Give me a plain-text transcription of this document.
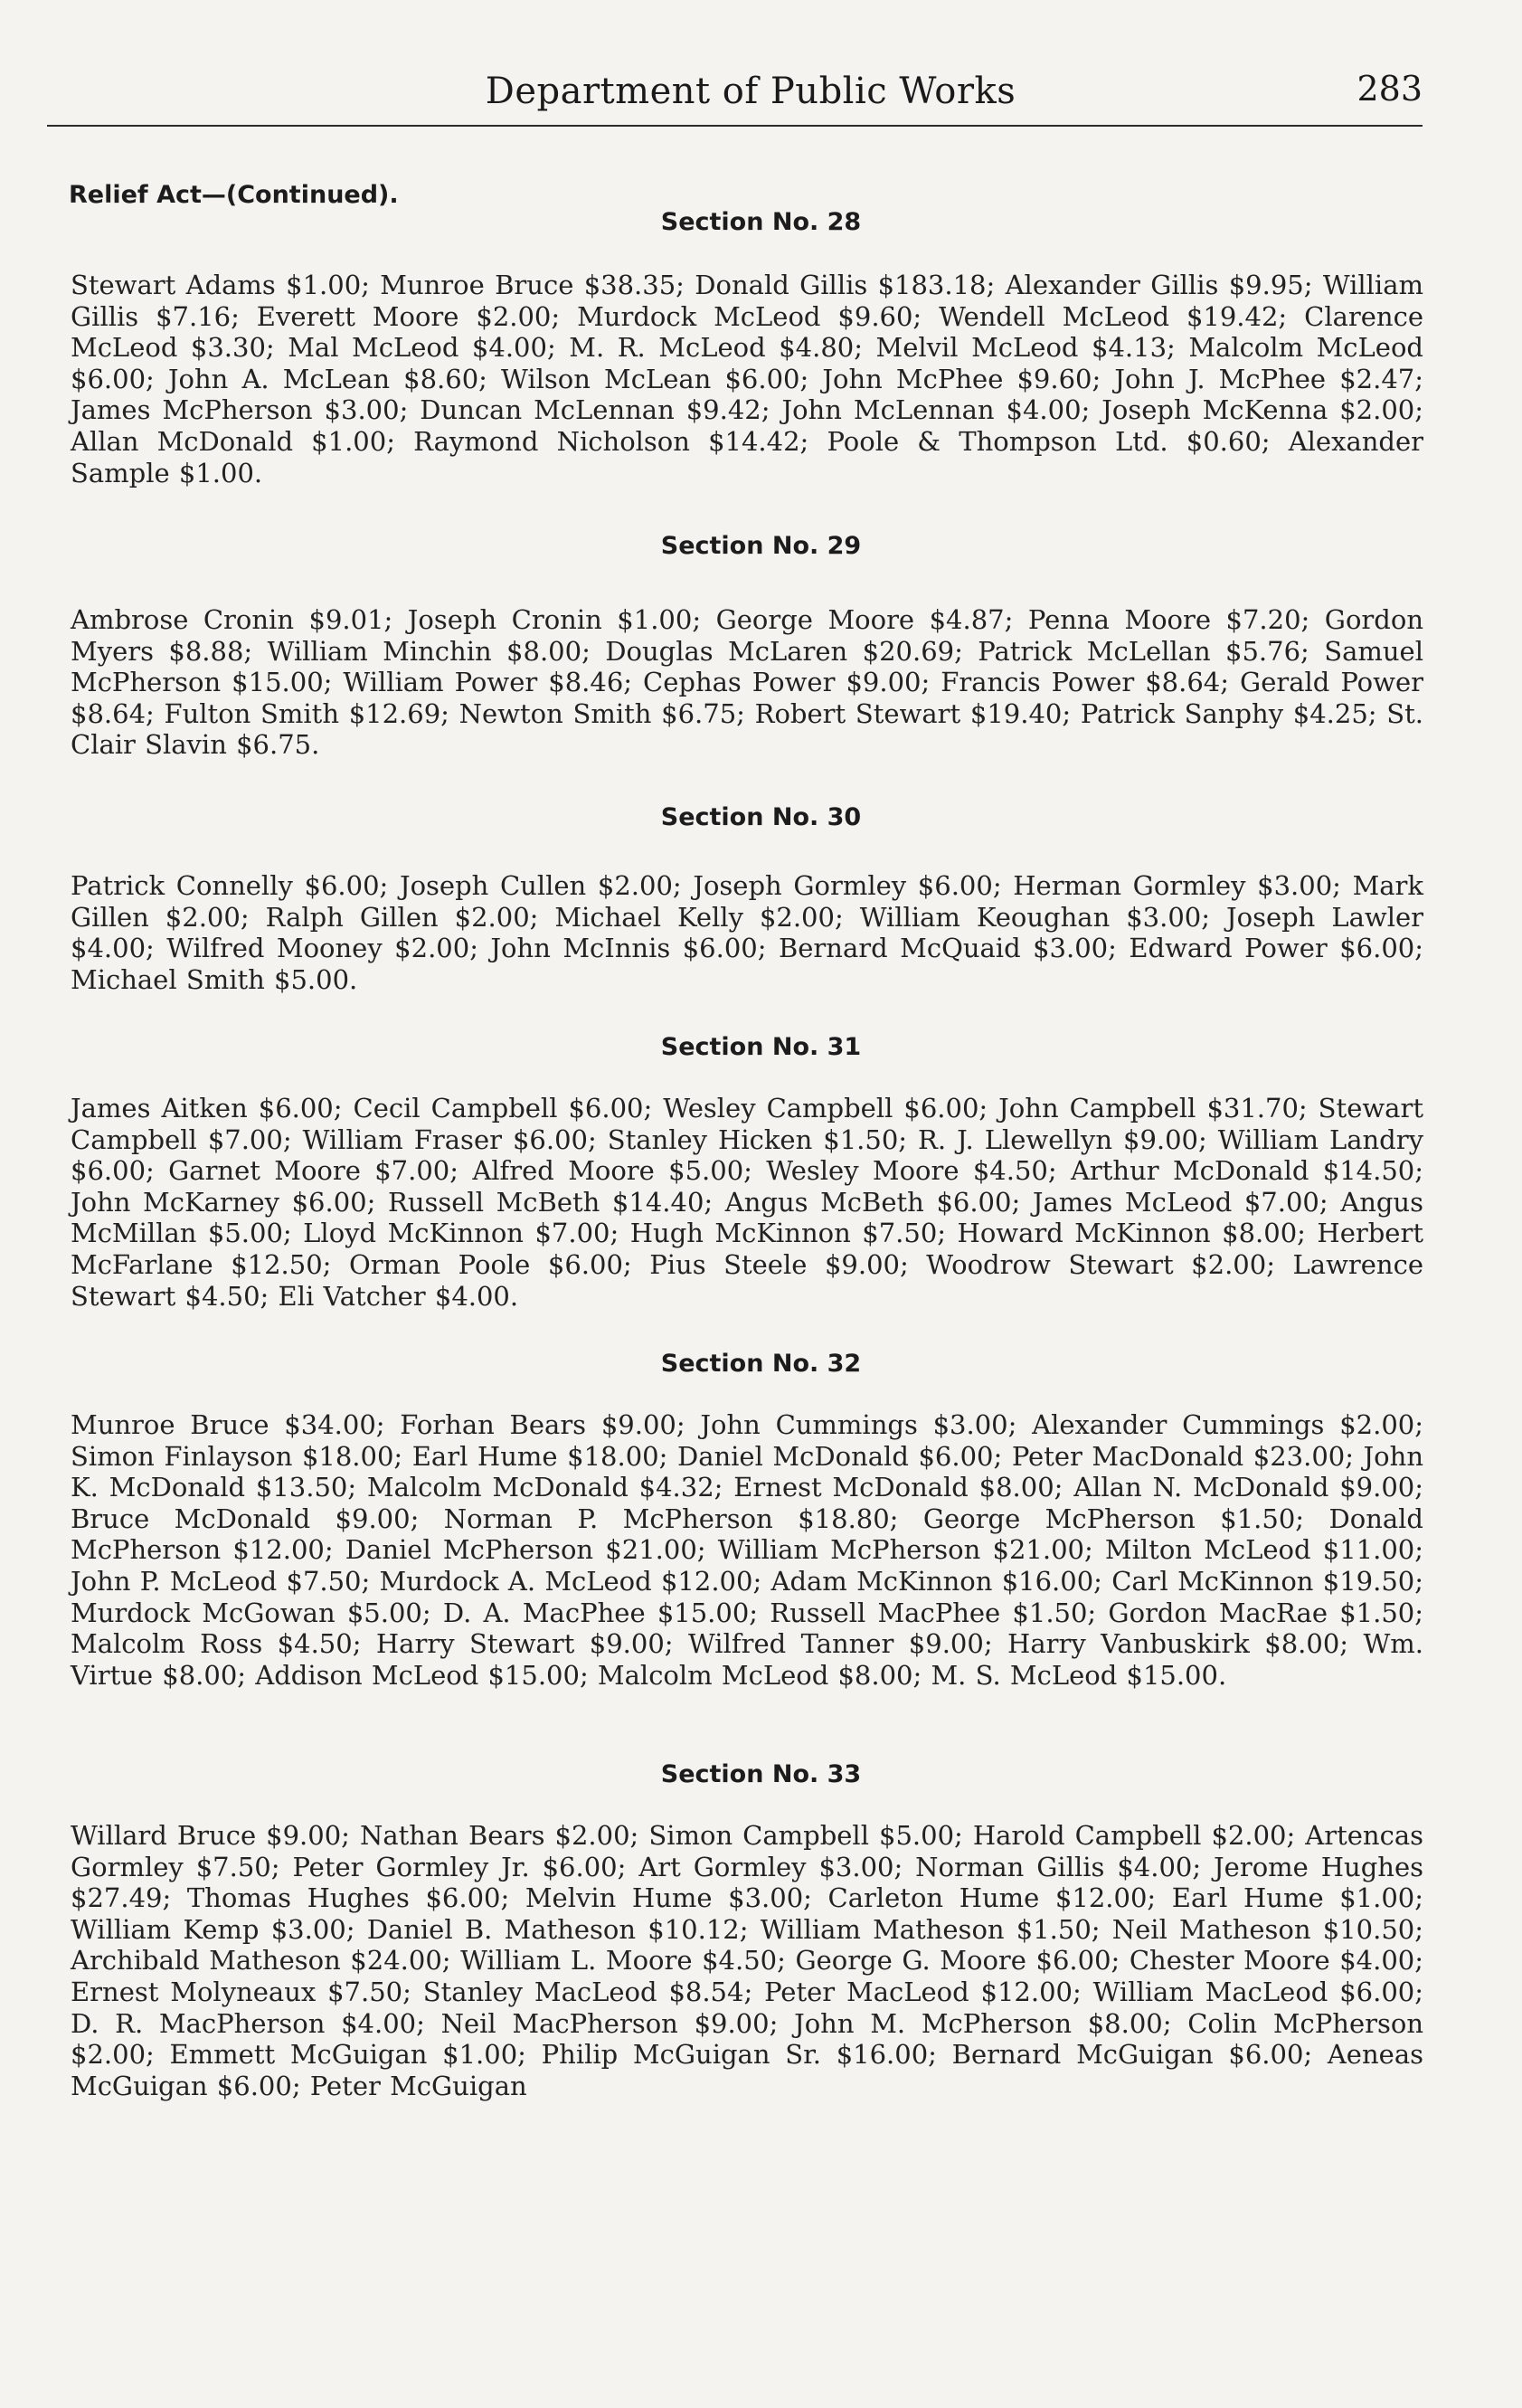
Department of Public Works	283
Relief Act—(Continued).
Section No. 28
Stewart Adams $1.00; Munroe Bruce $38.35; Donald Gillis $183.18; Alexander Gillis $9.95; William Gillis $7.16; Everett Moore $2.00; Murdock McLeod $9.60; Wendell McLeod $19.42; Clarence McLeod $3.30; Mal McLeod $4.00; M. R. McLeod $4.80; Melvil McLeod $4.13; Malcolm McLeod $6.00; John A. McLean $8.60; Wilson McLean $6.00; John McPhee $9.60; John J. McPhee $2.47; James McPherson $3.00; Duncan McLennan $9.42; John McLennan $4.00; Joseph McKenna $2.00; Allan McDonald $1.00; Raymond Nicholson $14.42; Poole & Thompson Ltd. $0.60; Alexander Sample $1.00.
Section No. 29
Ambrose Cronin $9.01; Joseph Cronin $1.00; George Moore $4.87; Penna Moore $7.20; Gordon Myers $8.88; William Minchin $8.00; Douglas McLaren $20.69; Patrick McLellan $5.76; Samuel McPherson $15.00; William Power $8.46; Cephas Power $9.00; Francis Power $8.64; Gerald Power $8.64; Fulton Smith $12.69; Newton Smith $6.75; Robert Stewart $19.40; Patrick Sanphy $4.25; St. Clair Slavin $6.75.
Section No. 30
Patrick Connelly $6.00; Joseph Cullen $2.00; Joseph Gormley $6.00; Herman Gormley $3.00; Mark Gillen $2.00; Ralph Gillen $2.00; Michael Kelly $2.00; William Keoughan $3.00; Joseph Lawler $4.00; Wilfred Mooney $2.00; John McInnis $6.00; Bernard McQuaid $3.00; Edward Power $6.00; Michael Smith $5.00.
Section No. 31
James Aitken $6.00; Cecil Campbell $6.00; Wesley Campbell $6.00; John Campbell $31.70; Stewart Campbell $7.00; William Fraser $6.00; Stanley Hicken $1.50; R. J. Llewellyn $9.00; William Landry $6.00; Garnet Moore $7.00; Alfred Moore $5.00; Wesley Moore $4.50; Arthur McDonald $14.50; John McKarney $6.00; Russell McBeth $14.40; Angus McBeth $6.00; James McLeod $7.00; Angus McMillan $5.00; Lloyd McKinnon $7.00; Hugh McKinnon $7.50; Howard McKinnon $8.00; Herbert McFarlane $12.50; Orman Poole $6.00; Pius Steele $9.00; Woodrow Stewart $2.00; Lawrence Stewart $4.50; Eli Vatcher $4.00.
Section No. 32
Munroe Bruce $34.00; Forhan Bears $9.00; John Cummings $3.00; Alexander Cummings $2.00; Simon Finlayson $18.00; Earl Hume $18.00; Daniel McDonald $6.00; Peter MacDonald $23.00; John K. McDonald $13.50; Malcolm McDonald $4.32; Ernest McDonald $8.00; Allan N. McDonald $9.00; Bruce McDonald $9.00; Norman P. McPherson $18.80; George McPherson $1.50; Donald McPherson $12.00; Daniel McPherson $21.00; William McPherson $21.00; Milton McLeod $11.00; John P. McLeod $7.50; Murdock A. McLeod $12.00; Adam McKinnon $16.00; Carl McKinnon $19.50; Murdock McGowan $5.00; D. A. MacPhee $15.00; Russell MacPhee $1.50; Gordon MacRae $1.50; Malcolm Ross $4.50; Harry Stewart $9.00; Wilfred Tanner $9.00; Harry Vanbuskirk $8.00; Wm. Virtue $8.00; Addison McLeod $15.00; Malcolm McLeod $8.00; M. S. McLeod $15.00.
Section No. 33
Willard Bruce $9.00; Nathan Bears $2.00; Simon Campbell $5.00; Harold Campbell $2.00; Artencas Gormley $7.50; Peter Gormley Jr. $6.00; Art Gormley $3.00; Norman Gillis $4.00; Jerome Hughes $27.49; Thomas Hughes $6.00; Melvin Hume $3.00; Carleton Hume $12.00; Earl Hume $1.00; William Kemp $3.00; Daniel B. Matheson $10.12; William Matheson $1.50; Neil Matheson $10.50; Archibald Matheson $24.00; William L. Moore $4.50; George G. Moore $6.00; Chester Moore $4.00; Ernest Molyneaux $7.50; Stanley MacLeod $8.54; Peter MacLeod $12.00; William MacLeod $6.00; D. R. MacPherson $4.00; Neil MacPherson $9.00; John M. McPherson $8.00; Colin McPherson $2.00; Emmett McGuigan $1.00; Philip McGuigan Sr. $16.00; Bernard McGuigan $6.00; Aeneas McGuigan $6.00; Peter McGuigan
